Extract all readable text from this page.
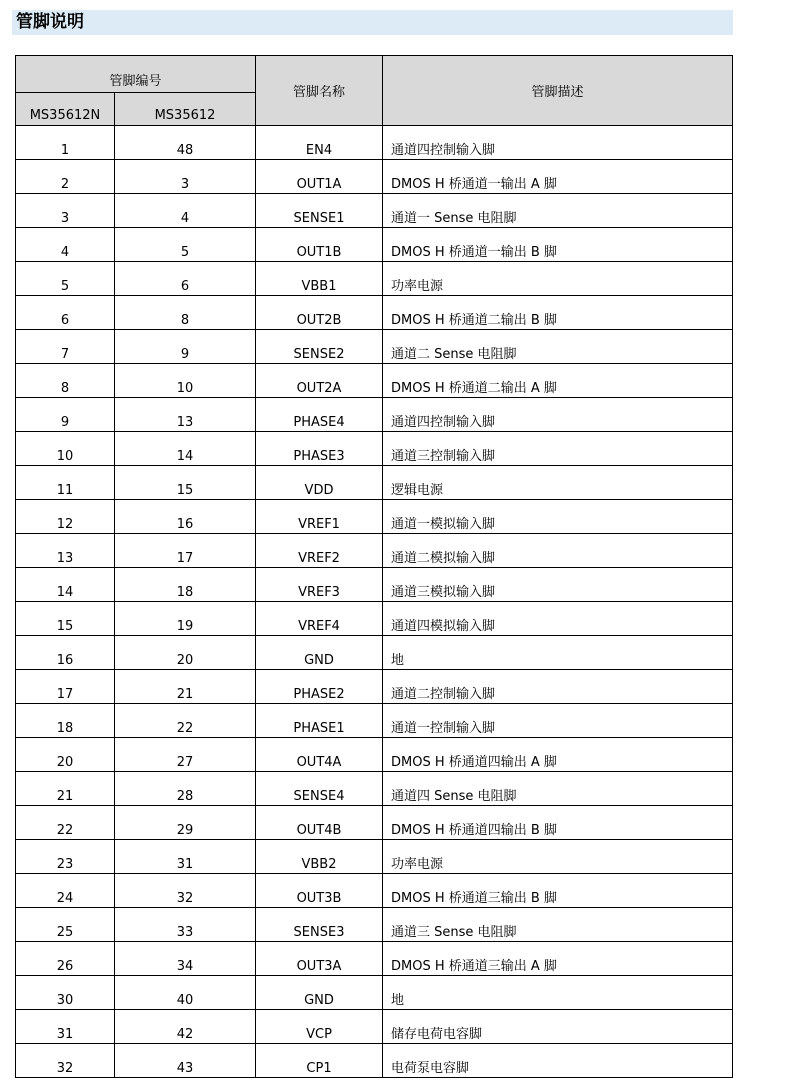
管脚说明
管脚编号		管脚名称	管脚描述
MS35612N	MS35612		
1	48	EN4	通道四控制输入脚
2	3	OUT1A	DMOS H 桥通道一输出 A 脚
3	4	SENSE1	通道一 Sense 电阻脚
4	5	OUT1B	DMOS H 桥通道一输出 B 脚
5	6	VBB1	功率电源
6	8	OUT2B	DMOS H 桥通道二输出 B 脚
7	9	SENSE2	通道二 Sense 电阻脚
8	10	OUT2A	DMOS H 桥通道二输出 A 脚
9	13	PHASE4	通道四控制输入脚
10	14	PHASE3	通道三控制输入脚
11	15	VDD	逻辑电源
12	16	VREF1	通道一模拟输入脚
13	17	VREF2	通道二模拟输入脚
14	18	VREF3	通道三模拟输入脚
15	19	VREF4	通道四模拟输入脚
16	20	GND	地
17	21	PHASE2	通道二控制输入脚
18	22	PHASE1	通道一控制输入脚
20	27	OUT4A	DMOS H 桥通道四输出 A 脚
21	28	SENSE4	通道四 Sense 电阻脚
22	29	OUT4B	DMOS H 桥通道四输出 B 脚
23	31	VBB2	功率电源
24	32	OUT3B	DMOS H 桥通道三输出 B 脚
25	33	SENSE3	通道三 Sense 电阻脚
26	34	OUT3A	DMOS H 桥通道三输出 A 脚
30	40	GND	地
31	42	VCP	储存电荷电容脚
32	43	CP1	电荷泵电容脚
